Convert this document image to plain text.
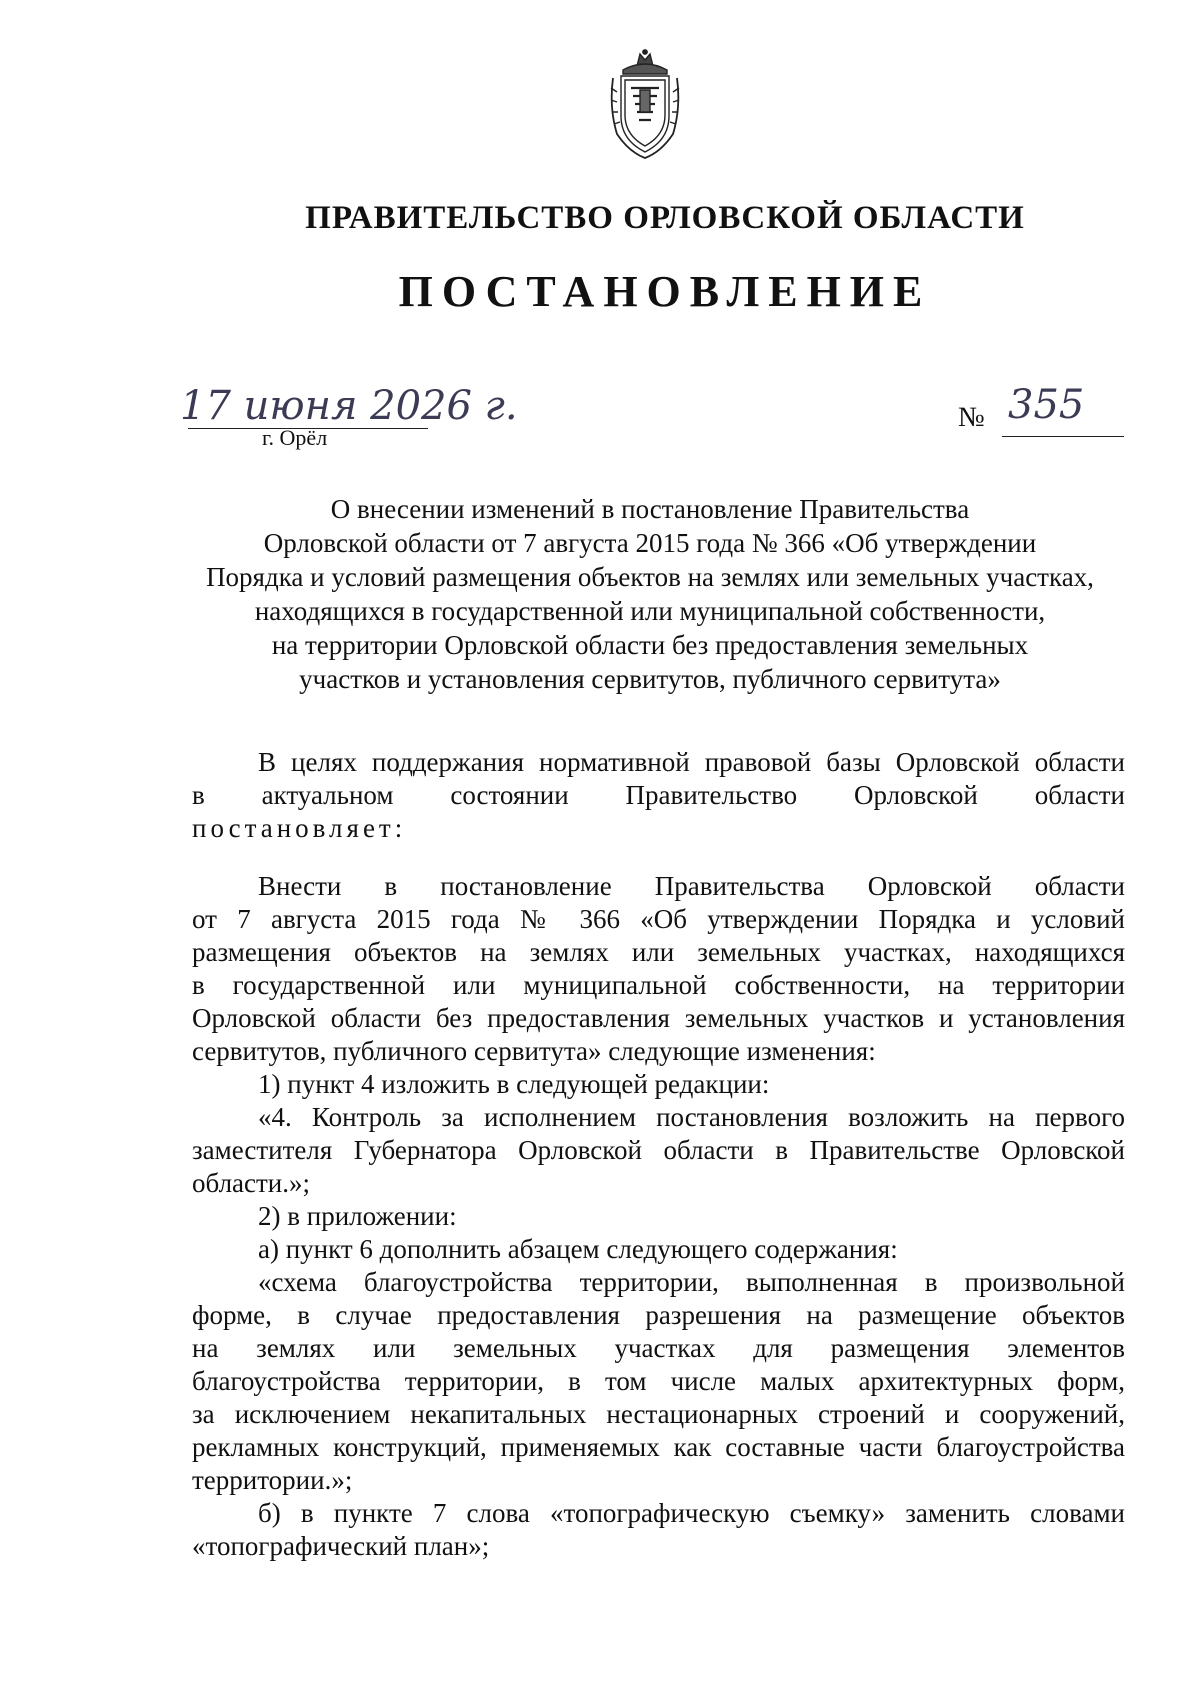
ПРАВИТЕЛЬСТВО ОРЛОВСКОЙ ОБЛАСТИ
ПОСТАНОВЛЕНИЕ
17 июня 2026 г.
г. Орёл
№ 355
О внесении изменений в постановление Правительства
Орловской области от 7 августа 2015 года № 366 «Об утверждении
Порядка и условий размещения объектов на землях или земельных участках,
находящихся в государственной или муниципальной собственности,
на территории Орловской области без предоставления земельных
участков и установления сервитутов, публичного сервитута»
В целях поддержания нормативной правовой базы Орловской области
в актуальном состоянии Правительство Орловской области
постановляет:
Внести в постановление Правительства Орловской области
от 7 августа 2015 года № 366 «Об утверждении Порядка и условий
размещения объектов на землях или земельных участках, находящихся
в государственной или муниципальной собственности, на территории
Орловской области без предоставления земельных участков и установления
сервитутов, публичного сервитута» следующие изменения:
1) пункт 4 изложить в следующей редакции:
«4. Контроль за исполнением постановления возложить на первого
заместителя Губернатора Орловской области в Правительстве Орловской
области.»;
2) в приложении:
а) пункт 6 дополнить абзацем следующего содержания:
«схема благоустройства территории, выполненная в произвольной
форме, в случае предоставления разрешения на размещение объектов
на землях или земельных участках для размещения элементов
благоустройства территории, в том числе малых архитектурных форм,
за исключением некапитальных нестационарных строений и сооружений,
рекламных конструкций, применяемых как составные части благоустройства
территории.»;
б) в пункте 7 слова «топографическую съемку» заменить словами
«топографический план»;
